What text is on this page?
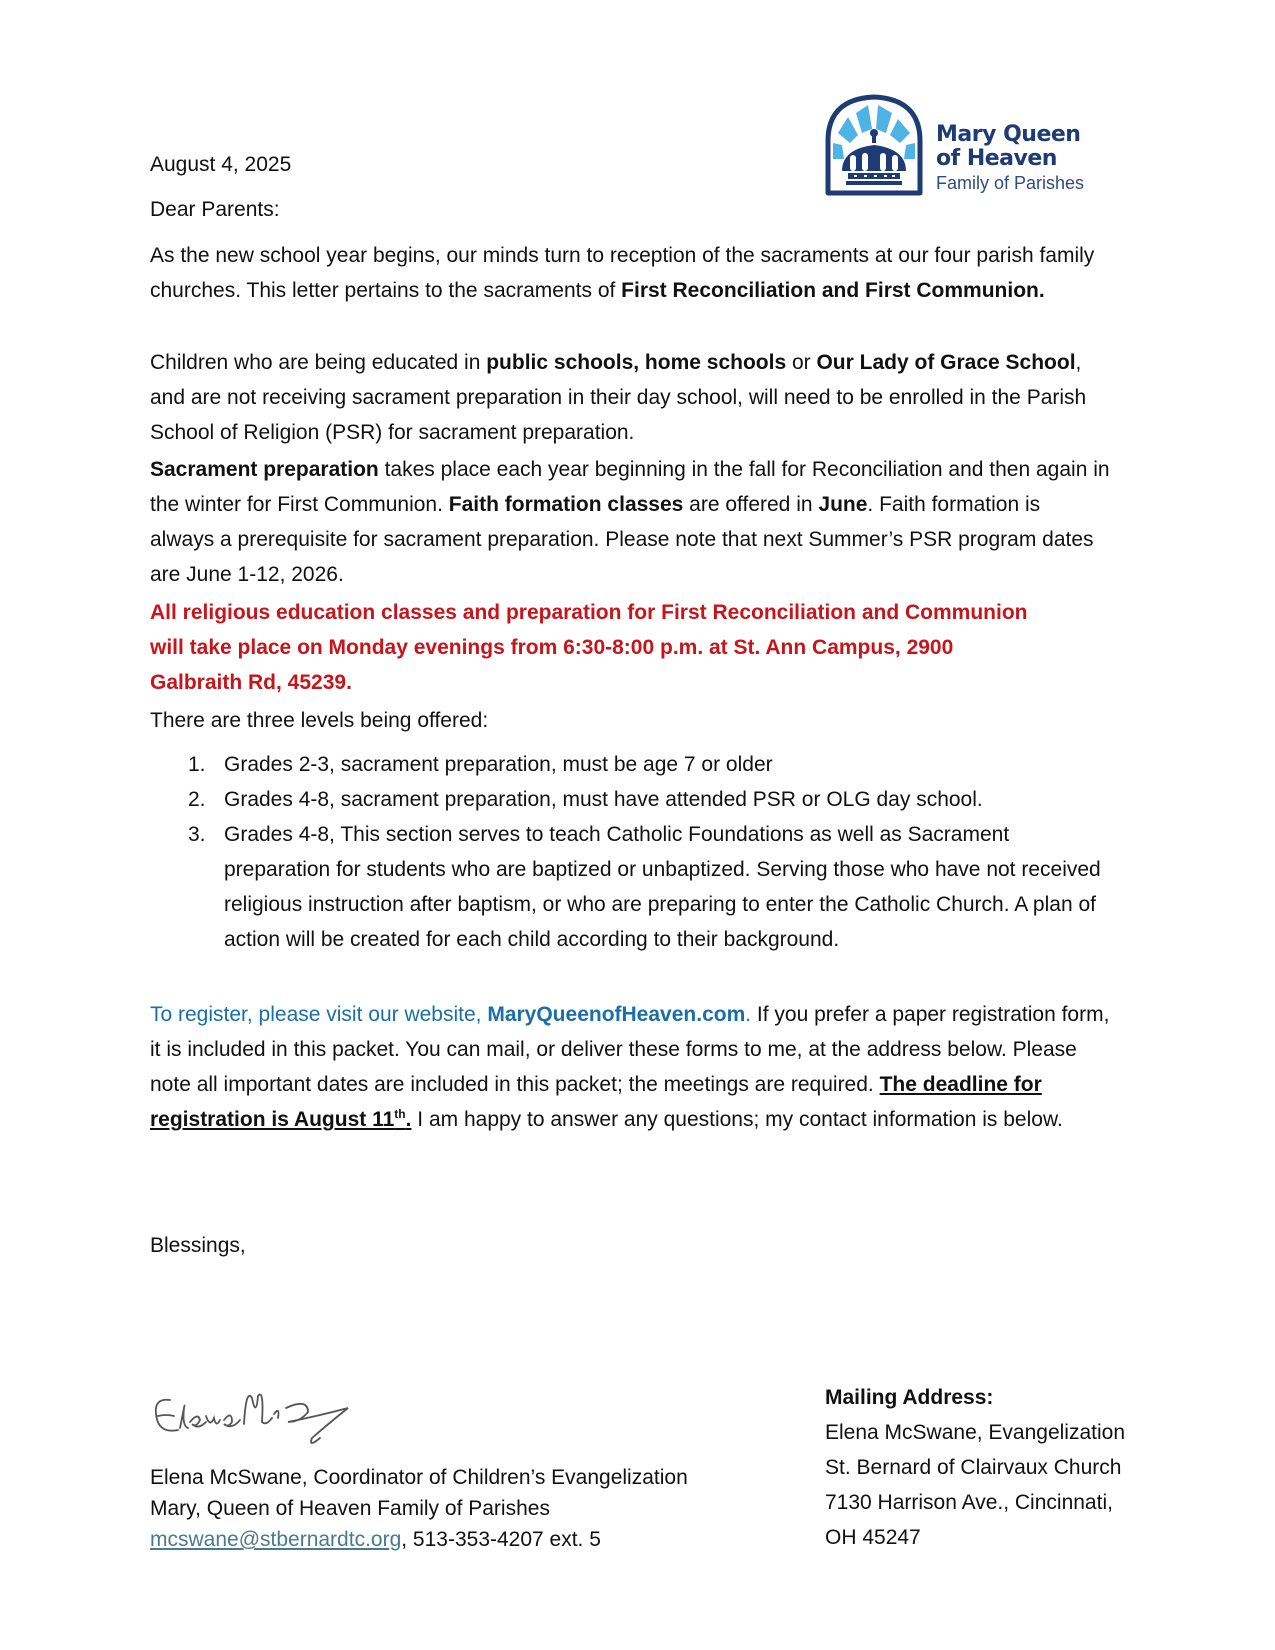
Mary Queen
of Heaven
Family of Parishes
August 4, 2025
Dear Parents:
As the new school year begins, our minds turn to reception of the sacraments at our four parish family churches. This letter pertains to the sacraments of First Reconciliation and First Communion.
Children who are being educated in public schools, home schools or Our Lady of Grace School, and are not receiving sacrament preparation in their day school, will need to be enrolled in the Parish School of Religion (PSR) for sacrament preparation.
Sacrament preparation takes place each year beginning in the fall for Reconciliation and then again in the winter for First Communion. Faith formation classes are offered in June. Faith formation is always a prerequisite for sacrament preparation. Please note that next Summer’s PSR program dates are June 1-12, 2026.
All religious education classes and preparation for First Reconciliation and Communion will take place on Monday evenings from 6:30-8:00 p.m. at St. Ann Campus, 2900 Galbraith Rd, 45239.
There are three levels being offered:
1. Grades 2-3, sacrament preparation, must be age 7 or older
2. Grades 4-8, sacrament preparation, must have attended PSR or OLG day school.
3. Grades 4-8, This section serves to teach Catholic Foundations as well as Sacrament preparation for students who are baptized or unbaptized. Serving those who have not received religious instruction after baptism, or who are preparing to enter the Catholic Church. A plan of action will be created for each child according to their background.
To register, please visit our website, MaryQueenofHeaven.com. If you prefer a paper registration form, it is included in this packet. You can mail, or deliver these forms to me, at the address below. Please note all important dates are included in this packet; the meetings are required. The deadline for registration is August 11th. I am happy to answer any questions; my contact information is below.
Blessings,
Elena McSwane, Coordinator of Children’s Evangelization
Mary, Queen of Heaven Family of Parishes
mcswane@stbernardtc.org, 513-353-4207 ext. 5
Mailing Address:
Elena McSwane, Evangelization
St. Bernard of Clairvaux Church
7130 Harrison Ave., Cincinnati,
OH 45247
